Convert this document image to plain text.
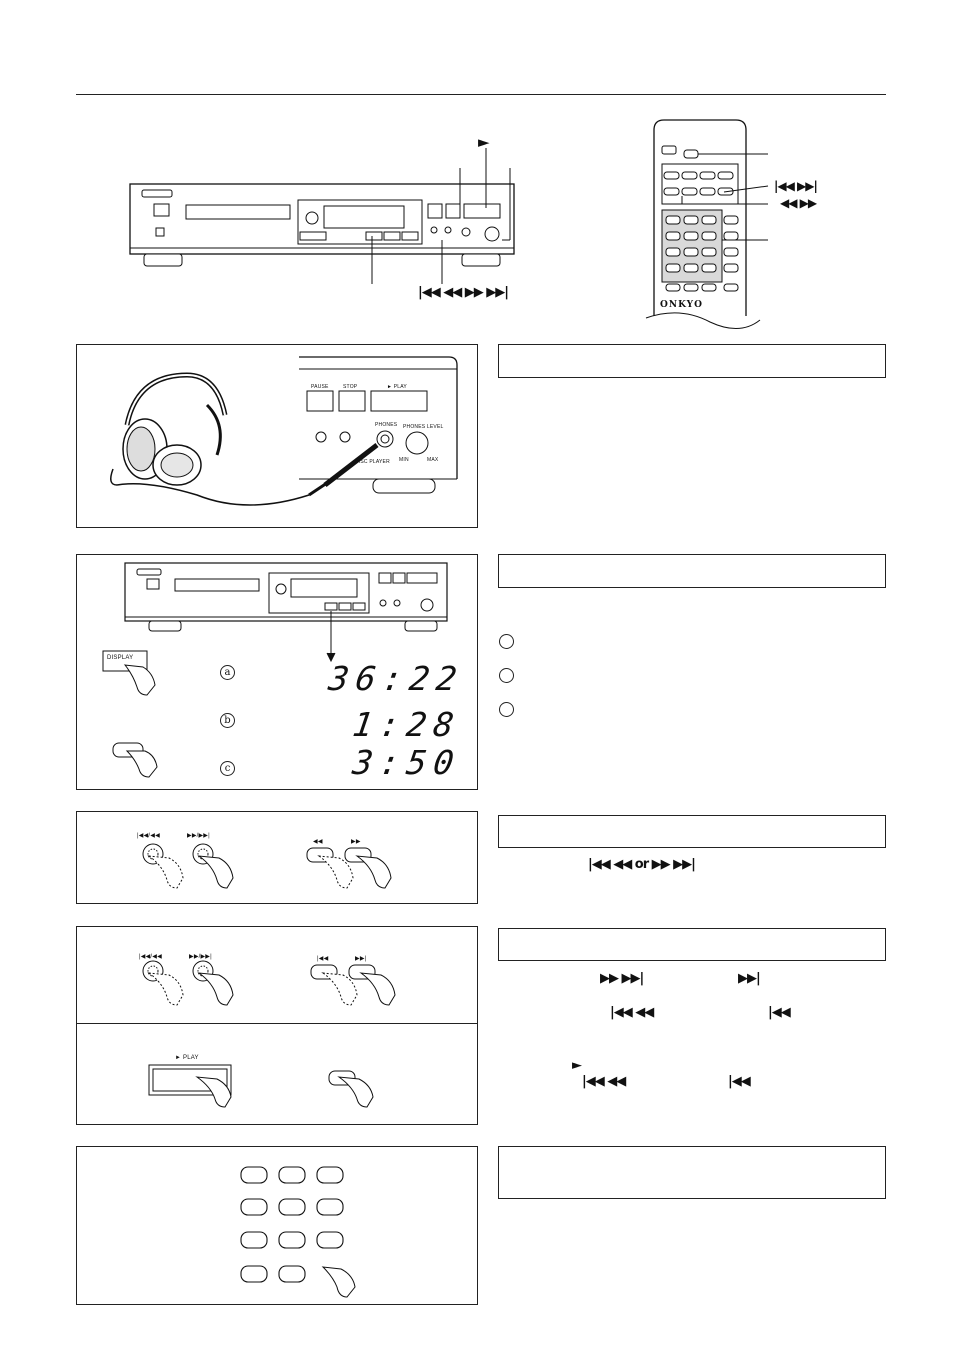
►
|◀◀ ◀◀ ▶▶ ▶▶|
ONKYO
|◀◀ ▶▶|
◀◀ ▶▶
PAUSE	STOP	► PLAY
PHONES PHONES LEVEL
MIN	MAX
DISC PLAYER
DISPLAY
a
b
c
36:22
1:28
3:50
|◀◀/◀◀	▶▶/▶▶|
◀◀	▶▶
|◀◀ ◀◀ or ▶▶ ▶▶|
|◀◀/◀◀	▶▶/▶▶|	|◀◀	▶▶|
► PLAY
▶▶ ▶▶|	▶▶|
|◀◀ ◀◀	|◀◀
►
|◀◀ ◀◀	|◀◀
